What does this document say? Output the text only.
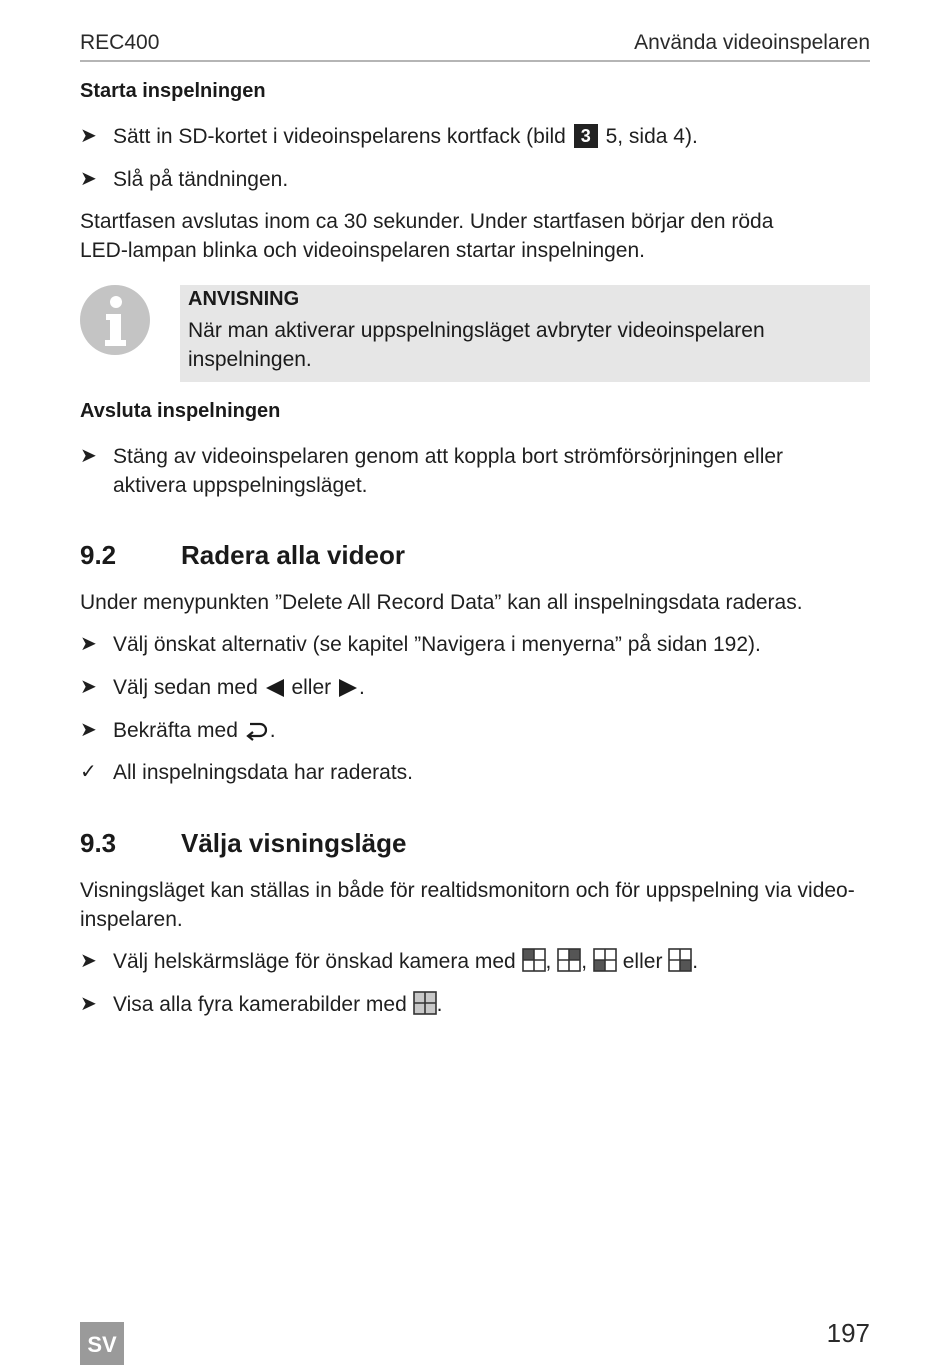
REC400	Använda videoinspelaren
Starta inspelningen
➤ Sätt in SD-kortet i videoinspelarens kortfack (bild 3 5, sida 4).
➤ Slå på tändningen.
Startfasen avslutas inom ca 30 sekunder. Under startfasen börjar den röda
LED-lampan blinka och videoinspelaren startar inspelningen.
ANVISNING
När man aktiverar uppspelningsläget avbryter videoinspelaren
inspelningen.
Avsluta inspelningen
➤ Stäng av videoinspelaren genom att koppla bort strömförsörjningen eller
aktivera uppspelningsläget.
9.2 Radera alla videor
Under menypunkten ”Delete All Record Data” kan all inspelningsdata raderas.
➤ Välj önskat alternativ (se kapitel ”Navigera i menyerna” på sidan 192).
➤ Välj sedan med eller .
➤ Bekräfta med .
✓ All inspelningsdata har raderats.
9.3 Välja visningsläge
Visningsläget kan ställas in både för realtidsmonitorn och för uppspelning via video-
inspelaren.
➤ Välj helskärmsläge för önskad kamera med , , eller .
➤ Visa alla fyra kamerabilder med .
SV	197
